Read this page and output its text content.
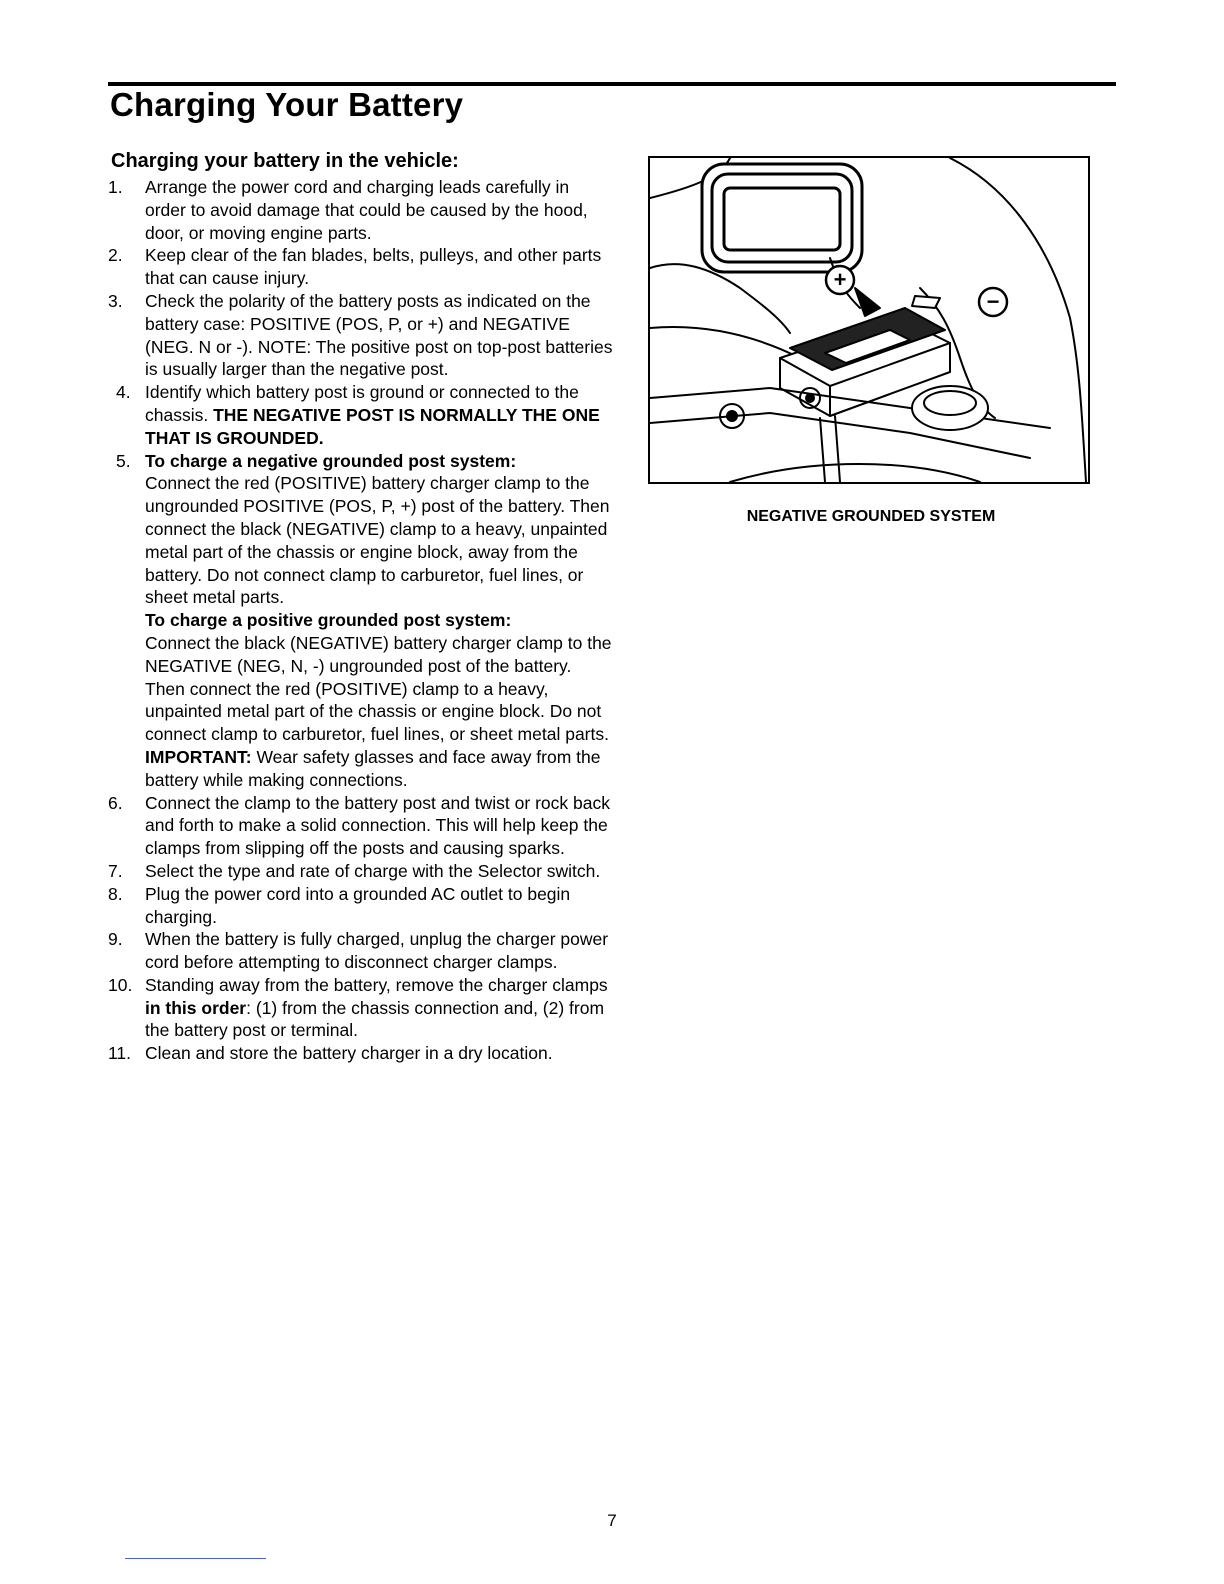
Charging Your Battery
Charging your battery in the vehicle:
1. Arrange the power cord and charging leads carefully in order to avoid damage that could be caused by the hood, door, or moving engine parts.
2. Keep clear of the fan blades, belts, pulleys, and other parts that can cause injury.
3. Check the polarity of the battery posts as indicated on the battery case: POSITIVE (POS, P, or +) and NEGATIVE (NEG. N or -). NOTE: The positive post on top-post batteries is usually larger than the negative post.
4. Identify which battery post is ground or connected to the chassis. THE NEGATIVE POST IS NORMALLY THE ONE THAT IS GROUNDED.
5. To charge a negative grounded post system:
Connect the red (POSITIVE) battery charger clamp to the ungrounded POSITIVE (POS, P, +) post of the battery. Then connect the black (NEGATIVE) clamp to a heavy, unpainted metal part of the chassis or engine block, away from the battery. Do not connect clamp to carburetor, fuel lines, or sheet metal parts.
To charge a positive grounded post system:
Connect the black (NEGATIVE) battery charger clamp to the NEGATIVE (NEG, N, -) ungrounded post of the battery. Then connect the red (POSITIVE) clamp to a heavy, unpainted metal part of the chassis or engine block. Do not connect clamp to carburetor, fuel lines, or sheet metal parts.
IMPORTANT: Wear safety glasses and face away from the battery while making connections.
6. Connect the clamp to the battery post and twist or rock back and forth to make a solid connection. This will help keep the clamps from slipping off the posts and causing sparks.
7. Select the type and rate of charge with the Selector switch.
8. Plug the power cord into a grounded AC outlet to begin charging.
9. When the battery is fully charged, unplug the charger power cord before attempting to disconnect charger clamps.
10. Standing away from the battery, remove the charger clamps in this order: (1) from the chassis connection and, (2) from the battery post or terminal.
11. Clean and store the battery charger in a dry location.
+
−

NEGATIVE GROUNDED SYSTEM

7
